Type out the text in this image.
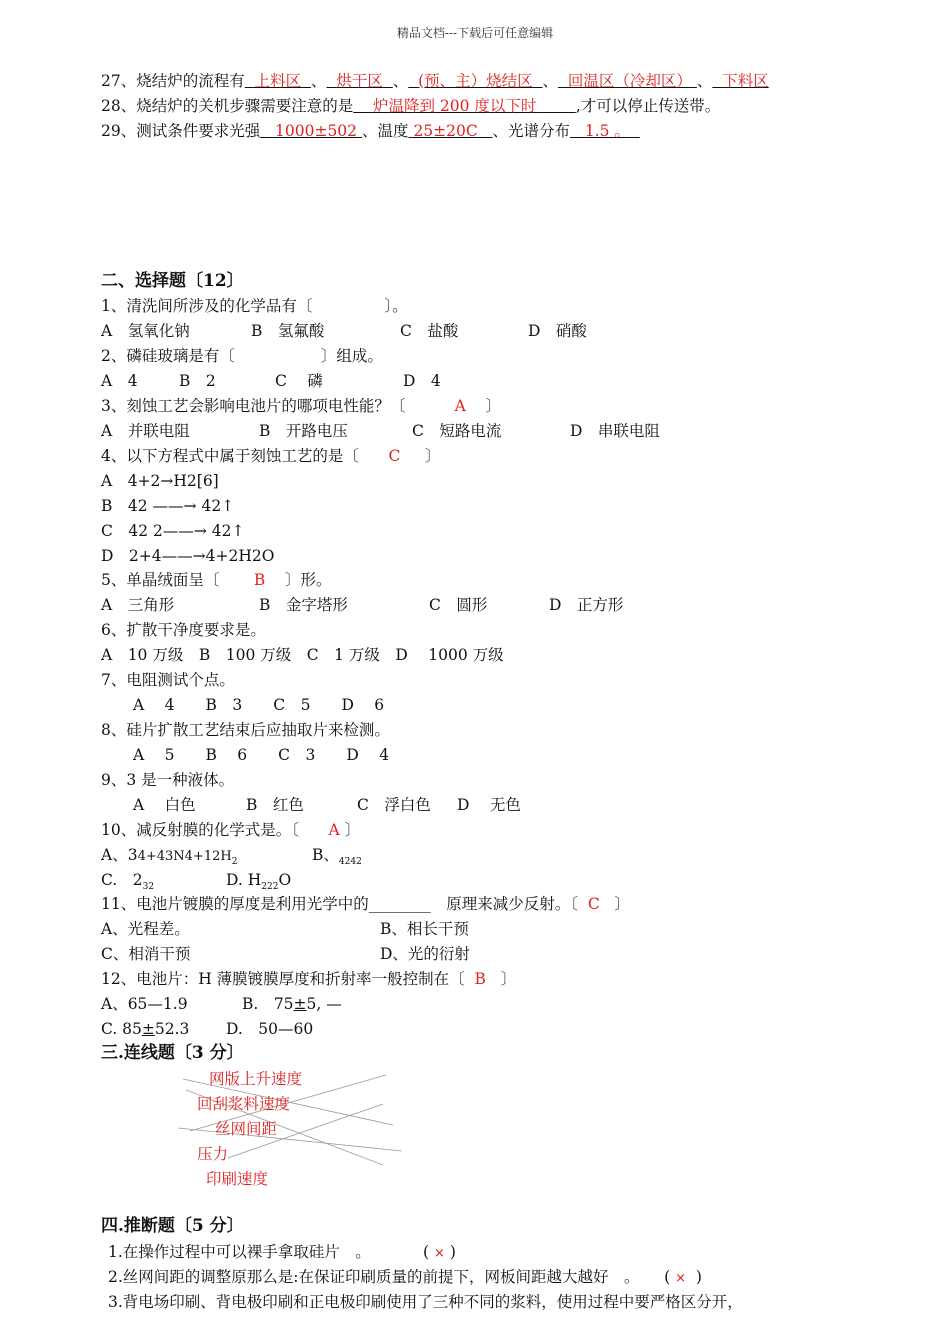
精品文档---下载后可任意编辑
27、烧结炉的流程有 上料区 、 烘干区 、 (预、主）烧结区 、 回温区（冷却区） 、 下料区
28、烧结炉的关机步骤需要注意的是 炉温降到 200 度以下时	,才可以停止传送带。
29、测试条件要求光强 1000±502 、温度 25±20C 、光谱分布 1.5 。
二、选择题〔12〕
1、清洗间所涉及的化学品有〔	〕。
A　氢氧化钠	B　氢氟酸	C　盐酸	D　硝酸
2、磷硅玻璃是有〔	〕组成。
A　4	B　2	C　 磷	D　4
3、刻蚀工艺会影响电池片的哪项电性能？〔	A 〕
A　并联电阻	B　开路电压	C　短路电流	D　串联电阻
4、以下方程式中属于刻蚀工艺的是〔 C 〕
A　4+2→H2[6]
B　42 ——→ 42↑
C　42 2——→ 42↑
D　2+4——→4+2H2O
5、单晶绒面呈〔 B 〕形。
A　三角形	B　金字塔形	C　圆形	D　正方形
6、扩散干净度要求是。
A　10 万级　B　100 万级　C　1 万级　D　 1000 万级
7、电阻测试个点。
A　 4　　B　3　　C　5　　D　 6
8、硅片扩散工艺结束后应抽取片来检测。
A　 5　　B　 6　　C　3　　D　 4
9、3 是一种液体。
A　 白色	B　红色	C　浮白色 D　 无色
10、减反射膜的化学式是。〔 A 〕
A、$34+43N4+12H_2$	B、$_{4242}$
C.　$2_{32}$	D. $H_{222}O$
11、电池片镀膜的厚度是利用光学中的________　原理来减少反射。〔 C 〕
A、光程差。	B、相长干预
C、相消干预	D、光的衍射
12、电池片：H 薄膜镀膜厚度和折射率一般控制在〔 B 〕
A、65—1.9	B.　75±5, —
C. 85±52.3 D.　50—60
三.连线题〔3 分〕
网版上升速度
回刮浆料速度
丝网间距
压力
印刷速度
四.推断题〔5 分〕
1.在操作过程中可以裸手拿取硅片　。	( × )
2.丝网间距的调整原那么是:在保证印刷质量的前提下，网板间距越大越好　。 ( × )
3.背电场印刷、背电极印刷和正电极印刷使用了三种不同的浆料，使用过程中要严格区分开，
